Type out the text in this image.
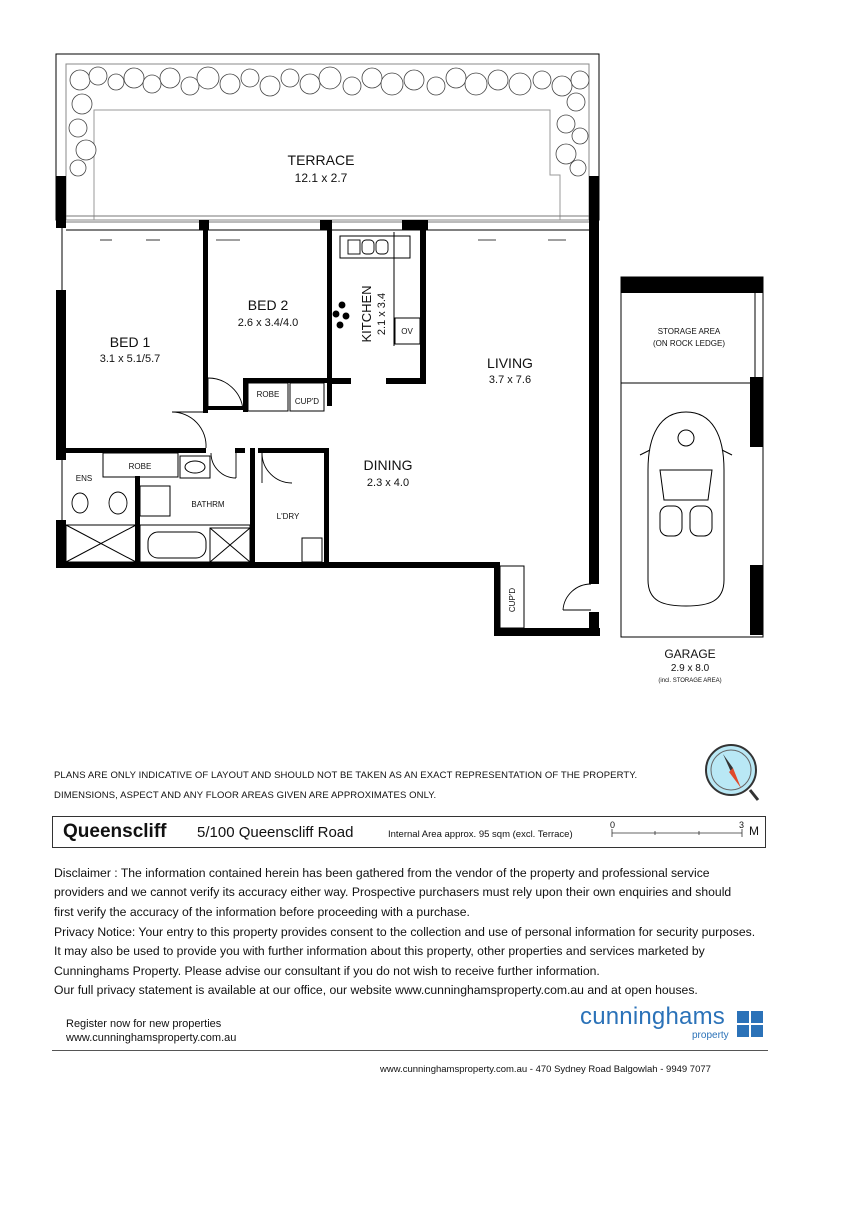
TERRACE
12.1 x 2.7
BED 1
3.1 x 5.1/5.7
BED 2
2.6 x 3.4/4.0	KITCHEN 2.1 x 3.4
LIVING
3.7 x 7.6
DINING
2.3 x 4.0
GARAGE
2.9 x 8.0
(incl. STORAGE AREA)
STORAGE AREA
(ON ROCK LEDGE)
OV
ROBE
ROBE
CUP'D
CUP'D
ENS
BATHRM
L'DRY
PLANS ARE ONLY INDICATIVE OF LAYOUT AND SHOULD NOT BE TAKEN AS AN EXACT REPRESENTATION OF THE PROPERTY.
DIMENSIONS, ASPECT AND ANY FLOOR AREAS GIVEN ARE APPROXIMATES ONLY.
Queenscliff 5/100 Queenscliff Road	Internal Area approx. 95 sqm (excl. Terrace)
0	3 M
Disclaimer : The information contained herein has been gathered from the vendor of the property and professional service
providers and we cannot verify its accuracy either way. Prospective purchasers must rely upon their own enquiries and should
first verify the accuracy of the information before proceeding with a purchase.
Privacy Notice: Your entry to this property provides consent to the collection and use of personal information for security purposes.
It may also be used to provide you with further information about this property, other properties and services marketed by
Cunninghams Property. Please advise our consultant if you do not wish to receive further information.
Our full privacy statement is available at our office, our website www.cunninghamsproperty.com.au and at open houses.
Register now for new properties
www.cunninghamsproperty.com.au
cunninghams
property
www.cunninghamsproperty.com.au - 470 Sydney Road Balgowlah - 9949 7077
